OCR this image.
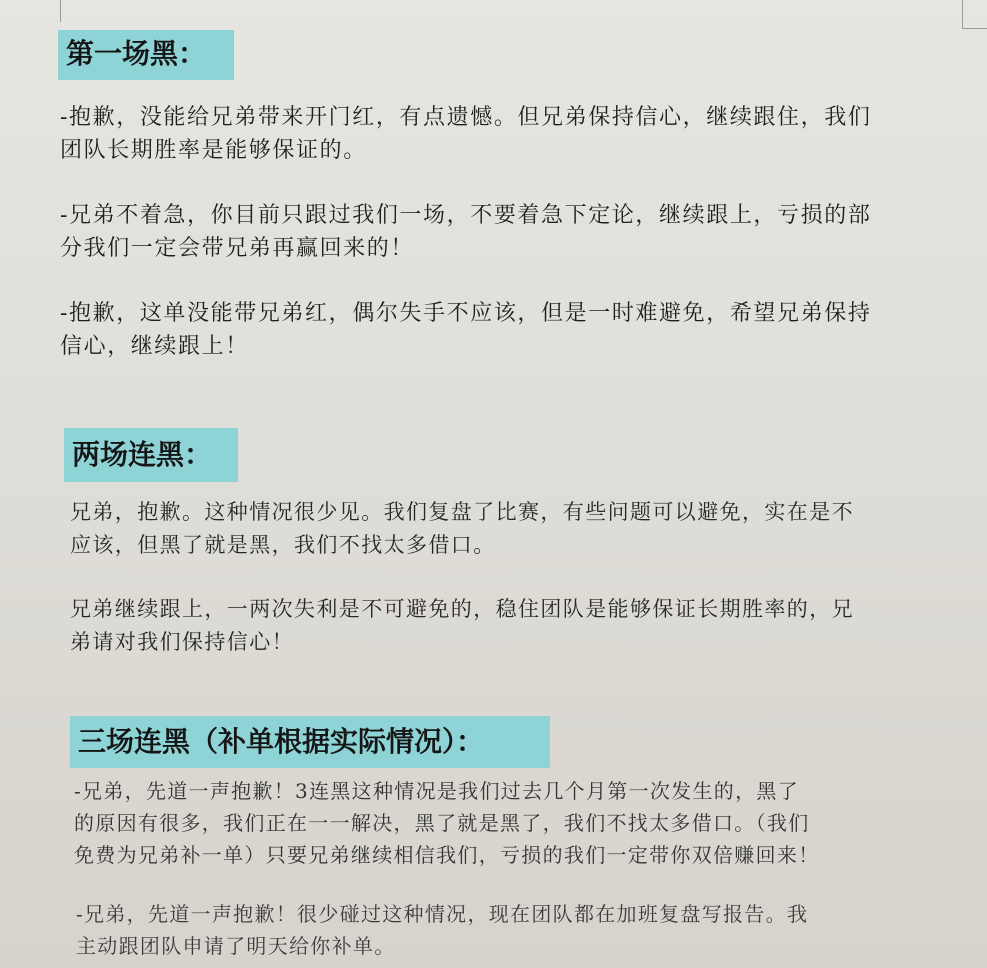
第一场黑：

-抱歉，没能给兄弟带来开门红，有点遗憾。但兄弟保持信心，继续跟住，我们
团队长期胜率是能够保证的。

-兄弟不着急，你目前只跟过我们一场，不要着急下定论，继续跟上，亏损的部
分我们一定会带兄弟再赢回来的！

-抱歉，这单没能带兄弟红，偶尔失手不应该，但是一时难避免，希望兄弟保持
信心，继续跟上！

两场连黑：

兄弟，抱歉。这种情况很少见。我们复盘了比赛，有些问题可以避免，实在是不
应该，但黑了就是黑，我们不找太多借口。

兄弟继续跟上，一两次失利是不可避免的，稳住团队是能够保证长期胜率的，兄
弟请对我们保持信心！

三场连黑（补单根据实际情况）：

-兄弟，先道一声抱歉！3连黑这种情况是我们过去几个月第一次发生的，黑了
的原因有很多，我们正在一一解决，黑了就是黑了，我们不找太多借口。（我们
免费为兄弟补一单）只要兄弟继续相信我们，亏损的我们一定带你双倍赚回来！

-兄弟，先道一声抱歉！很少碰过这种情况，现在团队都在加班复盘写报告。我
主动跟团队申请了明天给你补单。
